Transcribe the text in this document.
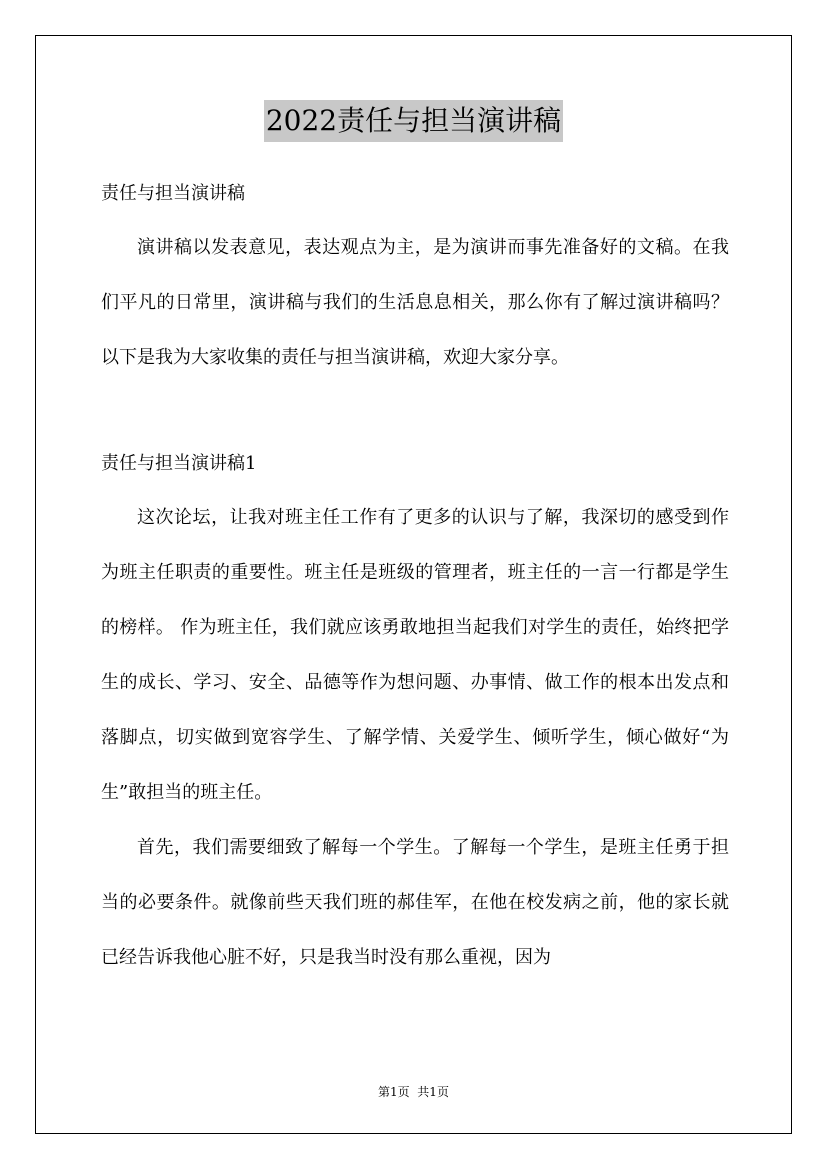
2022责任与担当演讲稿

责任与担当演讲稿

演讲稿以发表意见，表达观点为主，是为演讲而事先准备好的文稿。在我们平凡的日常里，演讲稿与我们的生活息息相关，那么你有了解过演讲稿吗？以下是我为大家收集的责任与担当演讲稿，欢迎大家分享。

责任与担当演讲稿1

这次论坛，让我对班主任工作有了更多的认识与了解，我深切的感受到作为班主任职责的重要性。班主任是班级的管理者，班主任的一言一行都是学生的榜样。 作为班主任，我们就应该勇敢地担当起我们对学生的责任，始终把学生的成长、学习、安全、品德等作为想问题、办事情、做工作的根本出发点和落脚点，切实做到宽容学生、了解学情、关爱学生、倾听学生，倾心做好“为生”敢担当的班主任。

首先，我们需要细致了解每一个学生。了解每一个学生，是班主任勇于担当的必要条件。就像前些天我们班的郝佳军，在他在校发病之前，他的家长就已经告诉我他心脏不好，只是我当时没有那么重视，因为

第1页  共1页
